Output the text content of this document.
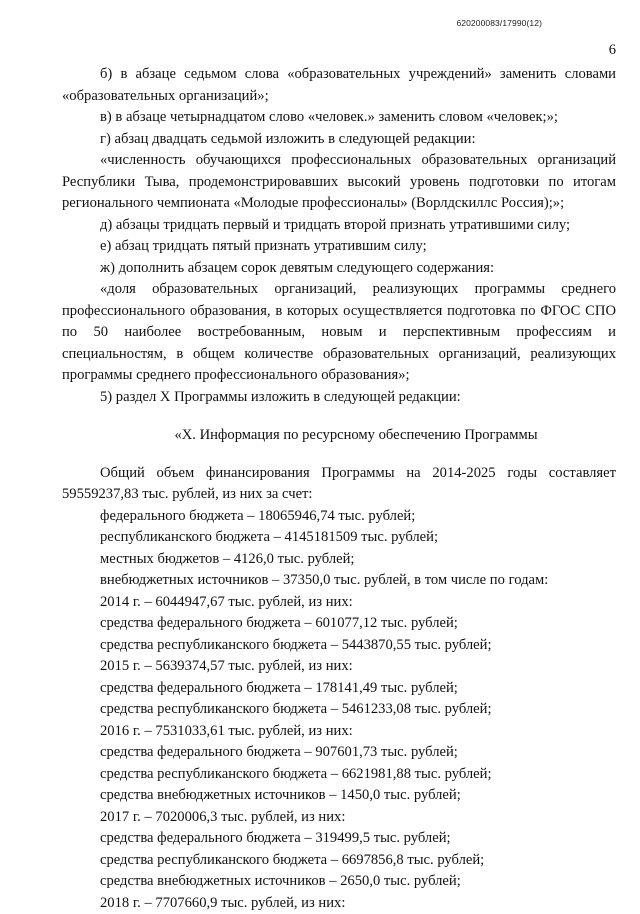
620200083/17990(12)
6

б) в абзаце седьмом слова «образовательных учреждений» заменить словами «образовательных организаций»;

в) в абзаце четырнадцатом слово «человек.» заменить словом «человек;»;

г) абзац двадцать седьмой изложить в следующей редакции:

«численность обучающихся профессиональных образовательных организаций Республики Тыва, продемонстрировавших высокий уровень подготовки по итогам регионального чемпионата «Молодые профессионалы» (Ворлдскиллс Россия);»;

д) абзацы тридцать первый и тридцать второй признать утратившими силу;

е) абзац тридцать пятый признать утратившим силу;

ж) дополнить абзацем сорок девятым следующего содержания:

«доля образовательных организаций, реализующих программы среднего профессионального образования, в которых осуществляется подготовка по ФГОС СПО по 50 наиболее востребованным, новым и перспективным профессиям и специальностям, в общем количестве образовательных организаций, реализующих программы среднего профессионального образования»;

5) раздел X Программы изложить в следующей редакции:

«X. Информация по ресурсному обеспечению Программы

Общий объем финансирования Программы на 2014-2025 годы составляет 59559237,83 тыс. рублей, из них за счет:

федерального бюджета – 18065946,74 тыс. рублей;
республиканского бюджета – 4145181509 тыс. рублей;
местных бюджетов – 4126,0 тыс. рублей;
внебюджетных источников – 37350,0 тыс. рублей, в том числе по годам:
2014 г. – 6044947,67 тыс. рублей, из них:
средства федерального бюджета – 601077,12 тыс. рублей;
средства республиканского бюджета – 5443870,55 тыс. рублей;
2015 г. – 5639374,57 тыс. рублей, из них:
средства федерального бюджета – 178141,49 тыс. рублей;
средства республиканского бюджета – 5461233,08 тыс. рублей;
2016 г. – 7531033,61 тыс. рублей, из них:
средства федерального бюджета – 907601,73 тыс. рублей;
средства республиканского бюджета – 6621981,88 тыс. рублей;
средства внебюджетных источников – 1450,0 тыс. рублей;
2017 г. – 7020006,3 тыс. рублей, из них:
средства федерального бюджета – 319499,5 тыс. рублей;
средства республиканского бюджета – 6697856,8 тыс. рублей;
средства внебюджетных источников – 2650,0 тыс. рублей;
2018 г. – 7707660,9 тыс. рублей, из них:
